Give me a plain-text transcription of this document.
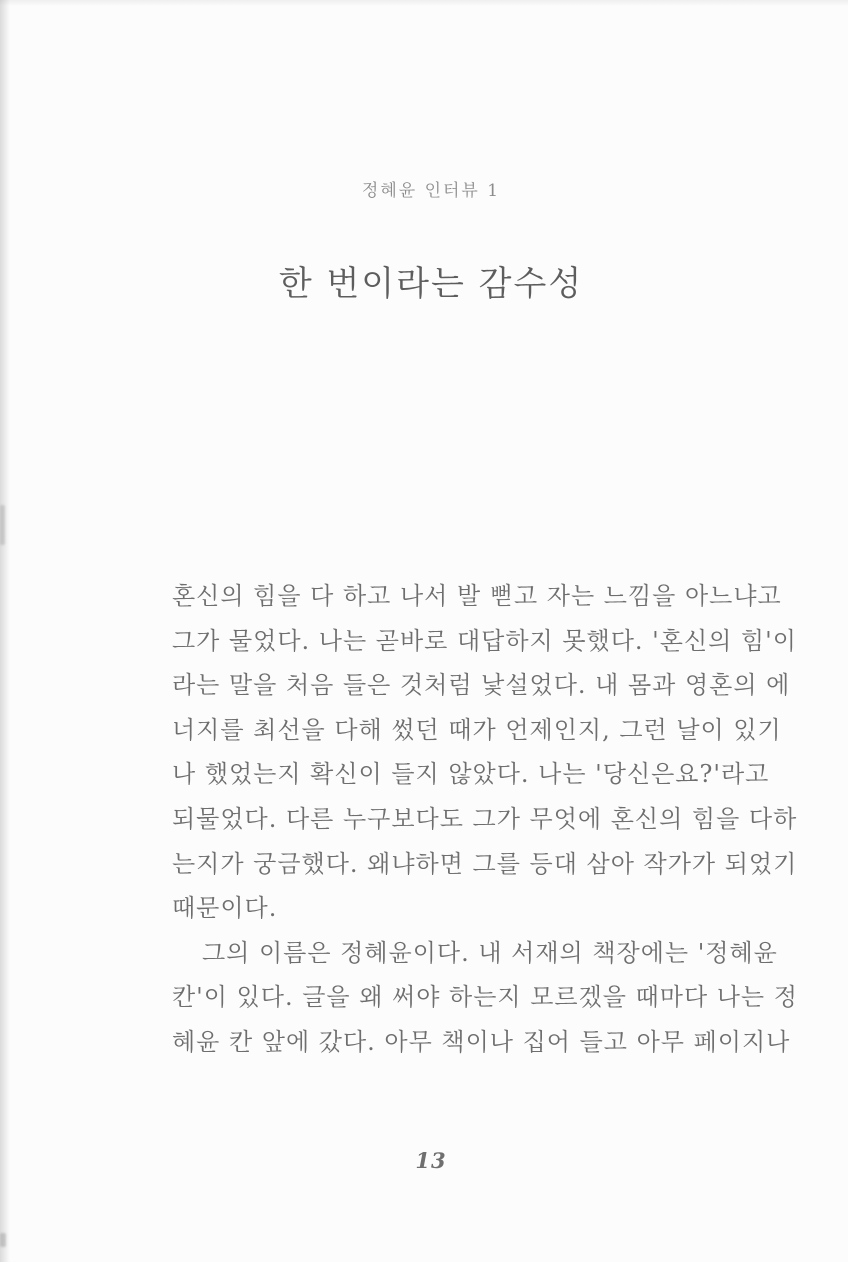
정혜윤 인터뷰 1
한 번이라는 감수성
혼신의 힘을 다 하고 나서 발 뻗고 자는 느낌을 아느냐고
그가 물었다. 나는 곧바로 대답하지 못했다. '혼신의 힘'이
라는 말을 처음 들은 것처럼 낯설었다. 내 몸과 영혼의 에
너지를 최선을 다해 썼던 때가 언제인지, 그런 날이 있기
나 했었는지 확신이 들지 않았다. 나는 '당신은요?'라고
되물었다. 다른 누구보다도 그가 무엇에 혼신의 힘을 다하
는지가 궁금했다. 왜냐하면 그를 등대 삼아 작가가 되었기
때문이다.
그의 이름은 정혜윤이다. 내 서재의 책장에는 '정혜윤
칸'이 있다. 글을 왜 써야 하는지 모르겠을 때마다 나는 정
혜윤 칸 앞에 갔다. 아무 책이나 집어 들고 아무 페이지나
13
